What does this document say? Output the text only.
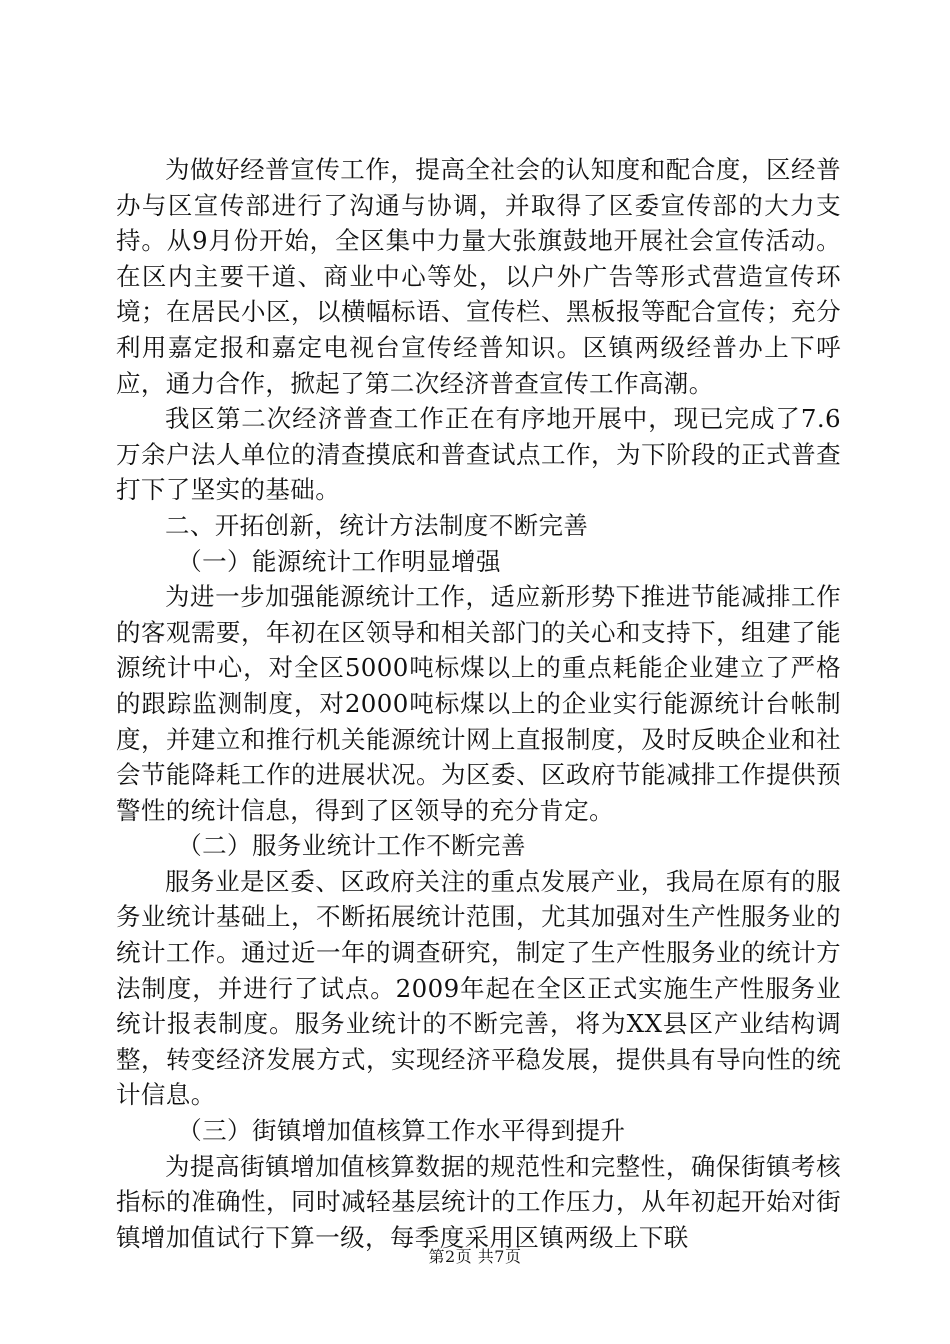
为做好经普宣传工作，提高全社会的认知度和配合度，区经普办与区宣传部进行了沟通与协调，并取得了区委宣传部的大力支持。从9月份开始，全区集中力量大张旗鼓地开展社会宣传活动。在区内主要干道、商业中心等处，以户外广告等形式营造宣传环境；在居民小区，以横幅标语、宣传栏、黑板报等配合宣传；充分利用嘉定报和嘉定电视台宣传经普知识。区镇两级经普办上下呼应，通力合作，掀起了第二次经济普查宣传工作高潮。

我区第二次经济普查工作正在有序地开展中，现已完成了7.6万余户法人单位的清查摸底和普查试点工作，为下阶段的正式普查打下了坚实的基础。

二、开拓创新，统计方法制度不断完善

（一）能源统计工作明显增强

为进一步加强能源统计工作，适应新形势下推进节能减排工作的客观需要，年初在区领导和相关部门的关心和支持下，组建了能源统计中心，对全区5000吨标煤以上的重点耗能企业建立了严格的跟踪监测制度，对2000吨标煤以上的企业实行能源统计台帐制度，并建立和推行机关能源统计网上直报制度，及时反映企业和社会节能降耗工作的进展状况。为区委、区政府节能减排工作提供预警性的统计信息，得到了区领导的充分肯定。

（二）服务业统计工作不断完善

服务业是区委、区政府关注的重点发展产业，我局在原有的服务业统计基础上，不断拓展统计范围，尤其加强对生产性服务业的统计工作。通过近一年的调查研究，制定了生产性服务业的统计方法制度，并进行了试点。2009年起在全区正式实施生产性服务业统计报表制度。服务业统计的不断完善，将为XX县区产业结构调整，转变经济发展方式，实现经济平稳发展，提供具有导向性的统计信息。

（三）街镇增加值核算工作水平得到提升

为提高街镇增加值核算数据的规范性和完整性，确保街镇考核指标的准确性，同时减轻基层统计的工作压力，从年初起开始对街镇增加值试行下算一级，每季度采用区镇两级上下联

第2页 共7页
